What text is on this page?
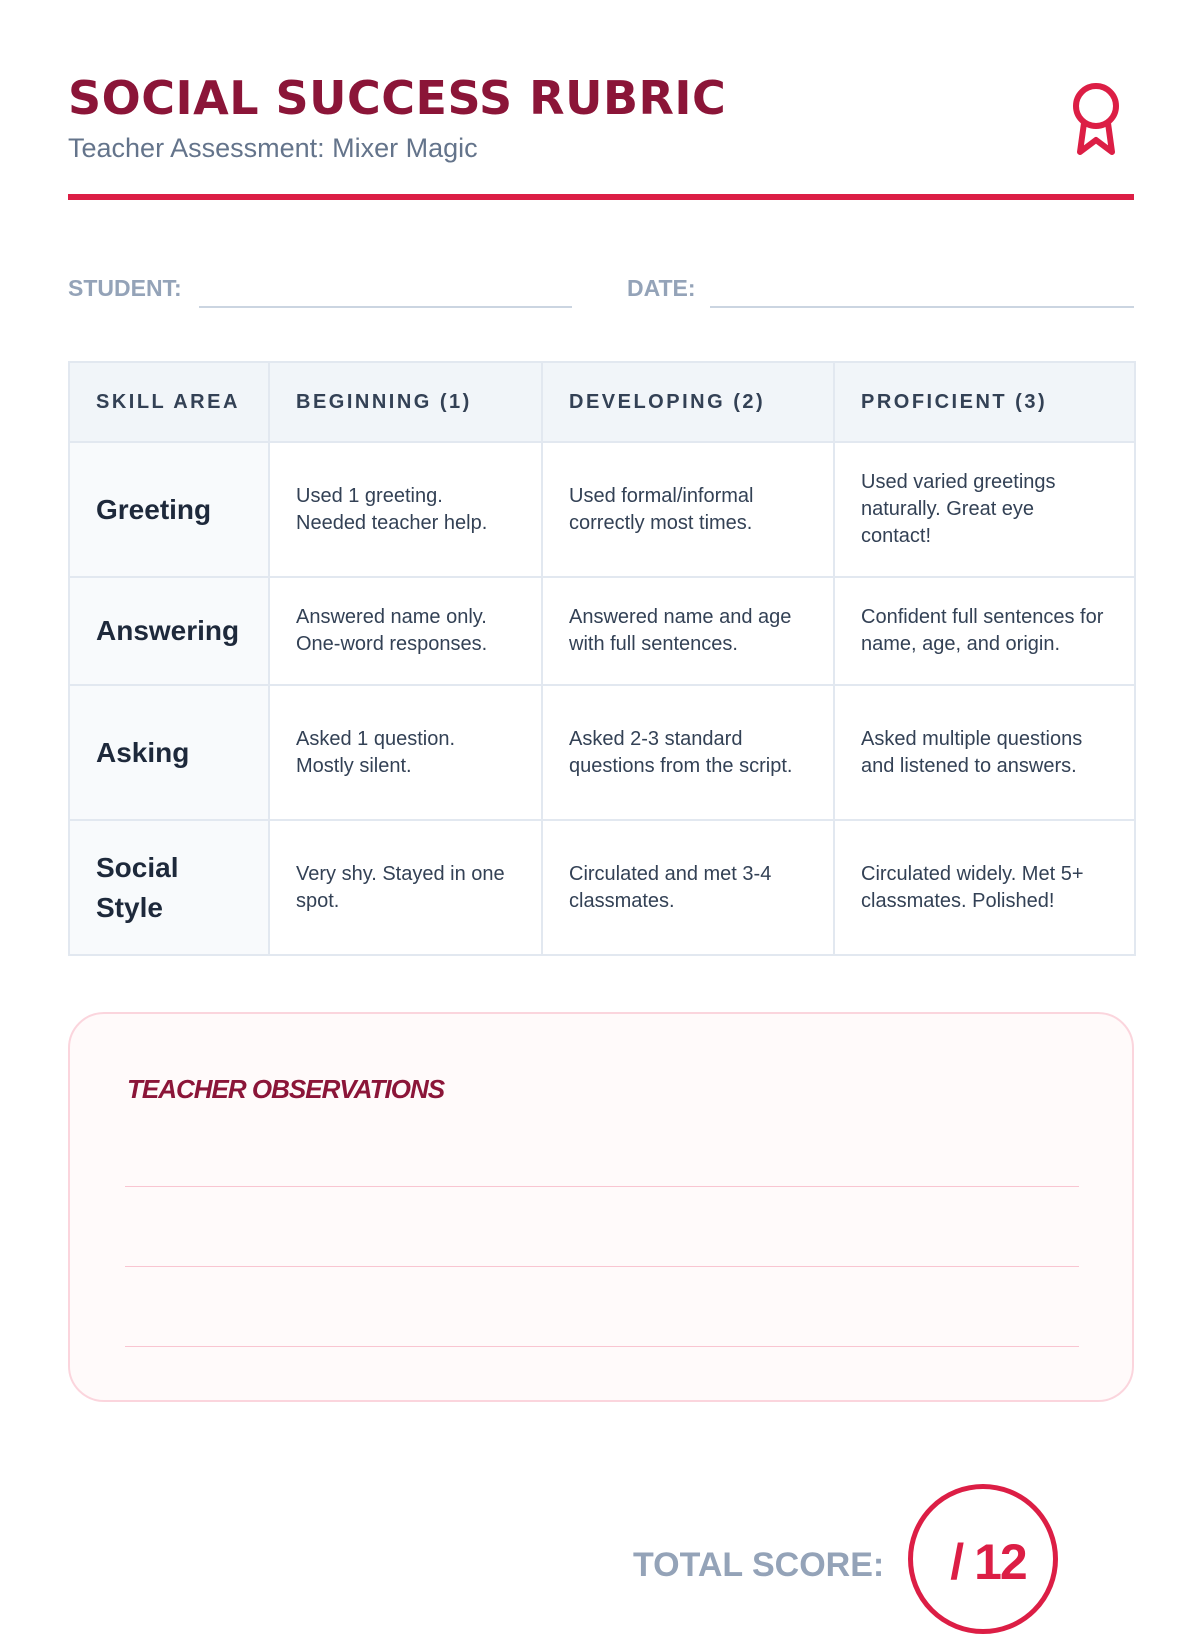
SOCIAL SUCCESS RUBRIC

Teacher Assessment: Mixer Magic

STUDENT:	DATE:
SKILL AREA	BEGINNING (1)	DEVELOPING (2)	PROFICIENT (3)
Greeting	Used 1 greeting. Needed teacher help.	Used formal/informal correctly most times.	Used varied greetings naturally. Great eye contact!
Answering	Answered name only. One-word responses.	Answered name and age with full sentences.	Confident full sentences for name, age, and origin.
Asking	Asked 1 question. Mostly silent.	Asked 2-3 standard questions from the script.	Asked multiple questions and listened to answers.
Social Style	Very shy. Stayed in one spot.	Circulated and met 3-4 classmates.	Circulated widely. Met 5+ classmates. Polished!
TEACHER OBSERVATIONS
TOTAL SCORE:	/ 12
